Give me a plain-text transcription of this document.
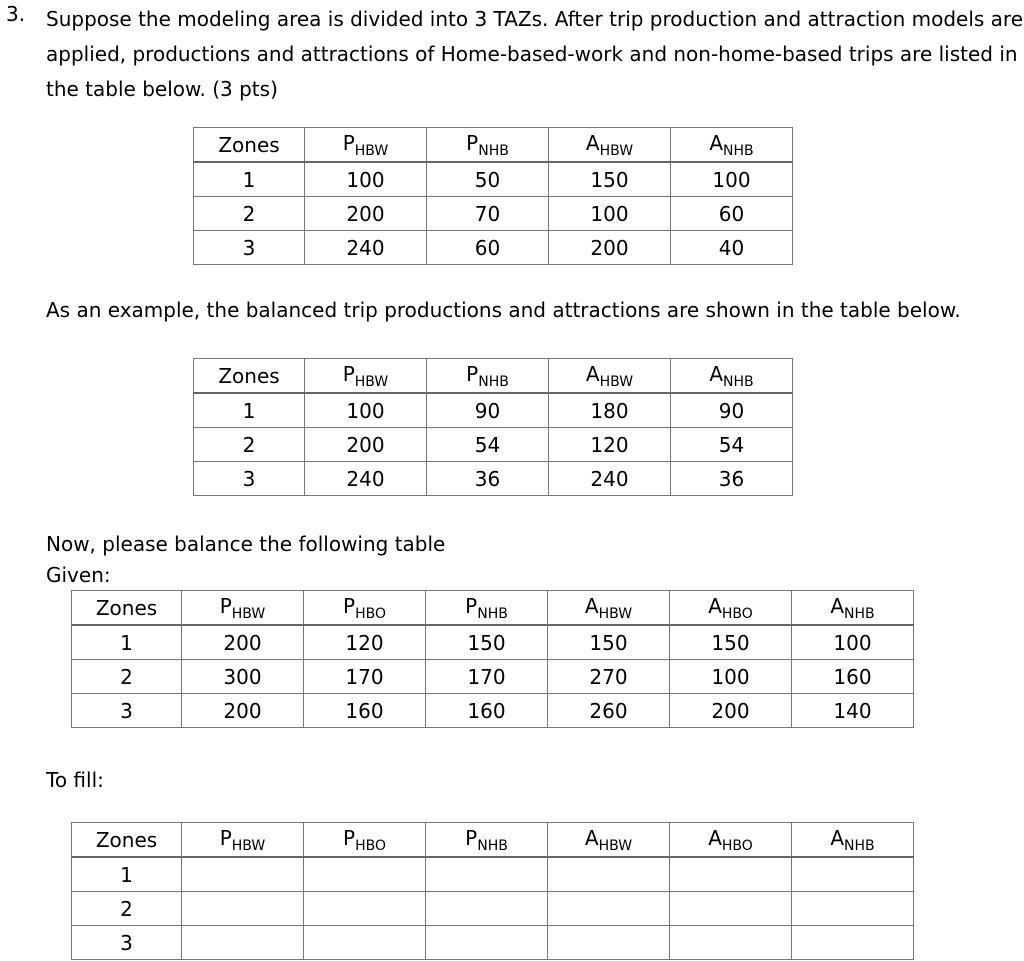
3. Suppose the modeling area is divided into 3 TAZs. After trip production and attraction models are
applied, productions and attractions of Home-based-work and non-home-based trips are listed in
the table below. (3 pts)
Zones	$P_{HBW}$	$P_{NHB}$	$A_{HBW}$	$A_{NHB}$
1	100	50	150	100
2	200	70	100	60
3	240	60	200	40
As an example, the balanced trip productions and attractions are shown in the table below.
Zones	$P_{HBW}$	$P_{NHB}$	$A_{HBW}$	$A_{NHB}$
1	100	90	180	90
2	200	54	120	54
3	240	36	240	36
Now, please balance the following table
Given:
Zones	$P_{HBW}$	$P_{HBO}$	$P_{NHB}$	$A_{HBW}$	$A_{HBO}$	$A_{NHB}$
1	200	120	150	150	150	100
2	300	170	170	270	100	160
3	200	160	160	260	200	140
To fill:
Zones	$P_{HBW}$	$P_{HBO}$	$P_{NHB}$	$A_{HBW}$	$A_{HBO}$	$A_{NHB}$
1						
2						
3						
